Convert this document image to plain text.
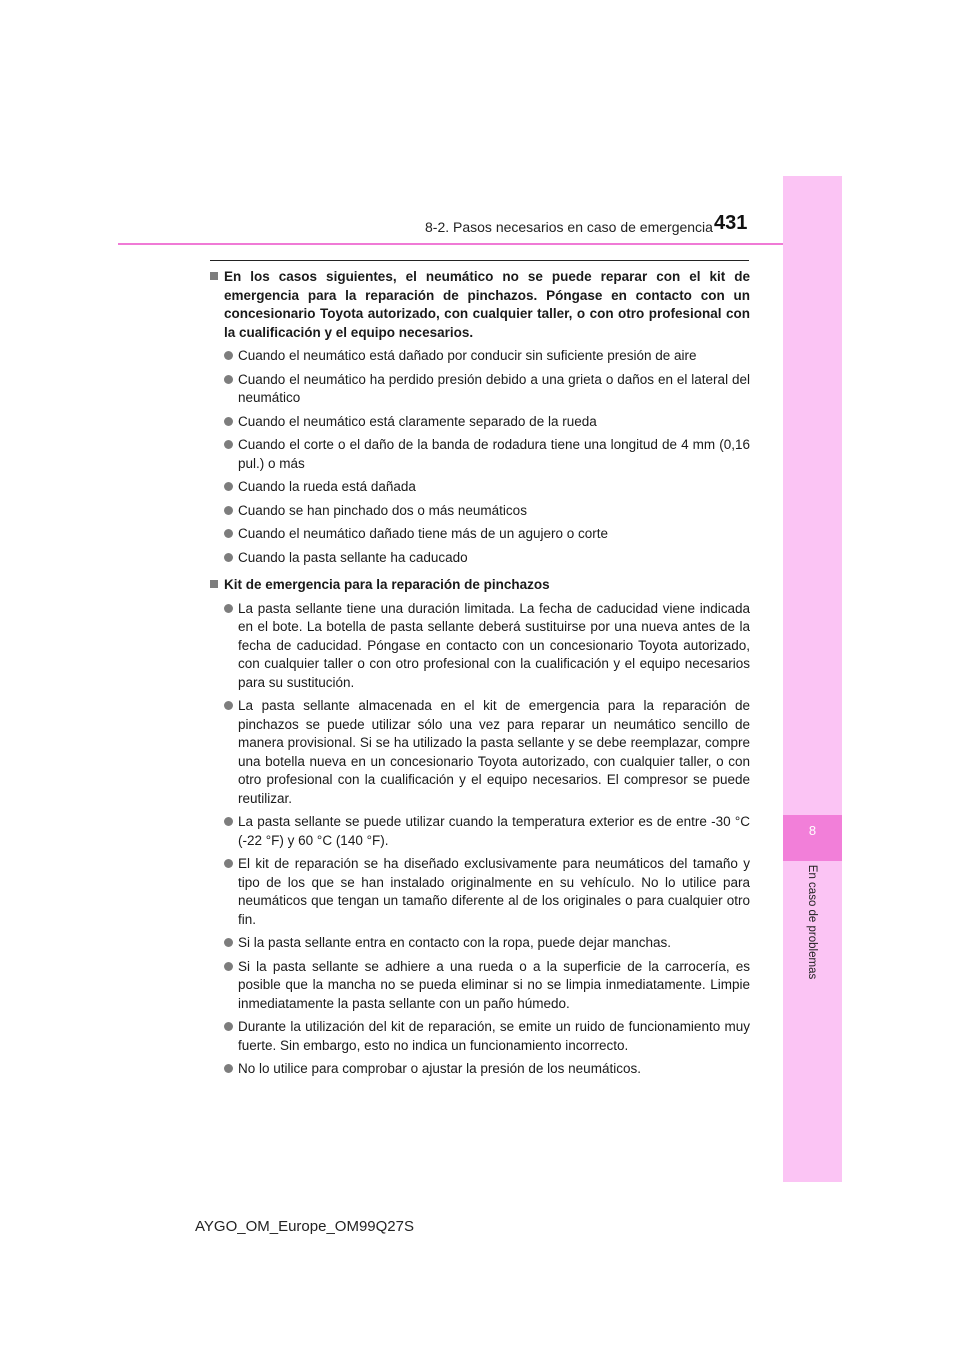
8
En caso de problemas
8-2. Pasos necesarios en caso de emergencia 431
En los casos siguientes, el neumático no se puede reparar con el kit de emergencia para la reparación de pinchazos. Póngase en contacto con un concesionario Toyota autorizado, con cualquier taller, o con otro profesional con la cualificación y el equipo necesarios.
Cuando el neumático está dañado por conducir sin suficiente presión de aire
Cuando el neumático ha perdido presión debido a una grieta o daños en el lateral del neumático
Cuando el neumático está claramente separado de la rueda
Cuando el corte o el daño de la banda de rodadura tiene una longitud de 4 mm (0,16 pul.) o más
Cuando la rueda está dañada
Cuando se han pinchado dos o más neumáticos
Cuando el neumático dañado tiene más de un agujero o corte
Cuando la pasta sellante ha caducado
Kit de emergencia para la reparación de pinchazos
La pasta sellante tiene una duración limitada. La fecha de caducidad viene indicada en el bote. La botella de pasta sellante deberá sustituirse por una nueva antes de la fecha de caducidad. Póngase en contacto con un concesionario Toyota autorizado, con cualquier taller o con otro profesional con la cualificación y el equipo necesarios para su sustitución.
La pasta sellante almacenada en el kit de emergencia para la reparación de pinchazos se puede utilizar sólo una vez para reparar un neumático sencillo de manera provisional. Si se ha utilizado la pasta sellante y se debe reemplazar, compre una botella nueva en un concesionario Toyota autorizado, con cualquier taller, o con otro profesional con la cualificación y el equipo necesarios. El compresor se puede reutilizar.
La pasta sellante se puede utilizar cuando la temperatura exterior es de entre -30 °C (-22 °F) y 60 °C (140 °F).
El kit de reparación se ha diseñado exclusivamente para neumáticos del tamaño y tipo de los que se han instalado originalmente en su vehículo. No lo utilice para neumáticos que tengan un tamaño diferente al de los originales o para cualquier otro fin.
Si la pasta sellante entra en contacto con la ropa, puede dejar manchas.
Si la pasta sellante se adhiere a una rueda o a la superficie de la carrocería, es posible que la mancha no se pueda eliminar si no se limpia inmediatamente. Limpie inmediatamente la pasta sellante con un paño húmedo.
Durante la utilización del kit de reparación, se emite un ruido de funcionamiento muy fuerte. Sin embargo, esto no indica un funcionamiento incorrecto.
No lo utilice para comprobar o ajustar la presión de los neumáticos.
AYGO_OM_Europe_OM99Q27S
